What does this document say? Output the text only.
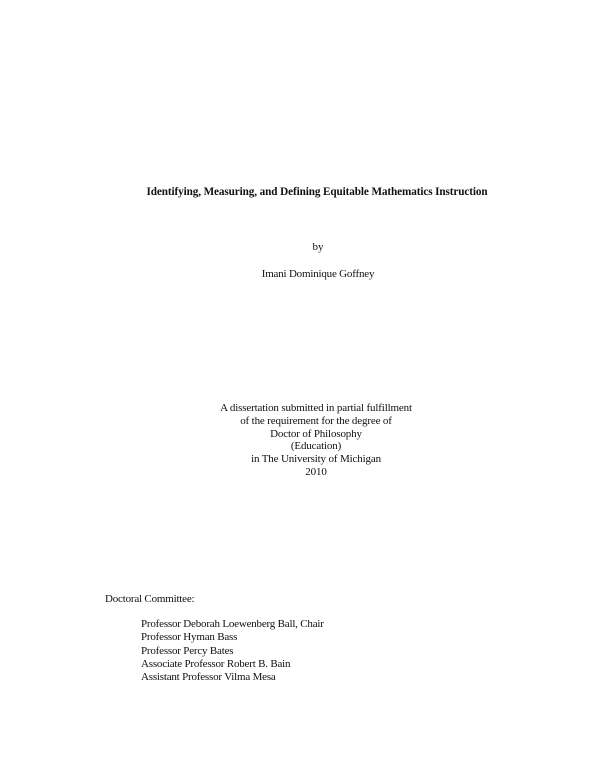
Identifying, Measuring, and Defining Equitable Mathematics Instruction
by
Imani Dominique Goffney
A dissertation submitted in partial fulfillment
of the requirement for the degree of
Doctor of Philosophy
(Education)
in The University of Michigan
2010
Doctoral Committee:
Professor Deborah Loewenberg Ball, Chair
Professor Hyman Bass
Professor Percy Bates
Associate Professor Robert B. Bain
Assistant Professor Vilma Mesa
